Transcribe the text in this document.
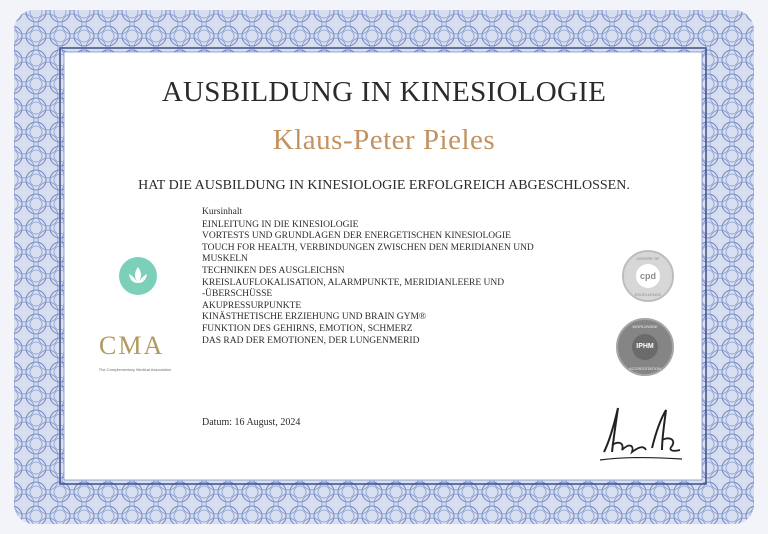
AUSBILDUNG IN KINESIOLOGIE
Klaus-Peter Pieles
HAT DIE AUSBILDUNG IN KINESIOLOGIE ERFOLGREICH ABGESCHLOSSEN.
Kursinhalt
EINLEITUNG IN DIE KINESIOLOGIE
VORTESTS UND GRUNDLAGEN DER ENERGETISCHEN KINESIOLOGIE
TOUCH FOR HEALTH, VERBINDUNGEN ZWISCHEN DEN MERIDIANEN UND MUSKELN
TECHNIKEN DES AUSGLEICHSN
KREISLAUFLOKALISATION, ALARMPUNKTE, MERIDIANLEERE UND -ÜBERSCHÜSSE
AKUPRESSURPUNKTE
KINÄSTHETISCHE ERZIEHUNG UND BRAIN GYM®
FUNKTION DES GEHIRNS, EMOTION, SCHMERZ
DAS RAD DER EMOTIONEN, DER LUNGENMERID
Datum: 16 August, 2024
CMA
The Complementary Medical Association
CENTRE OF
cpd
EXCELLENCE
WORLDWIDE
IPHM
ACCREDITATION
